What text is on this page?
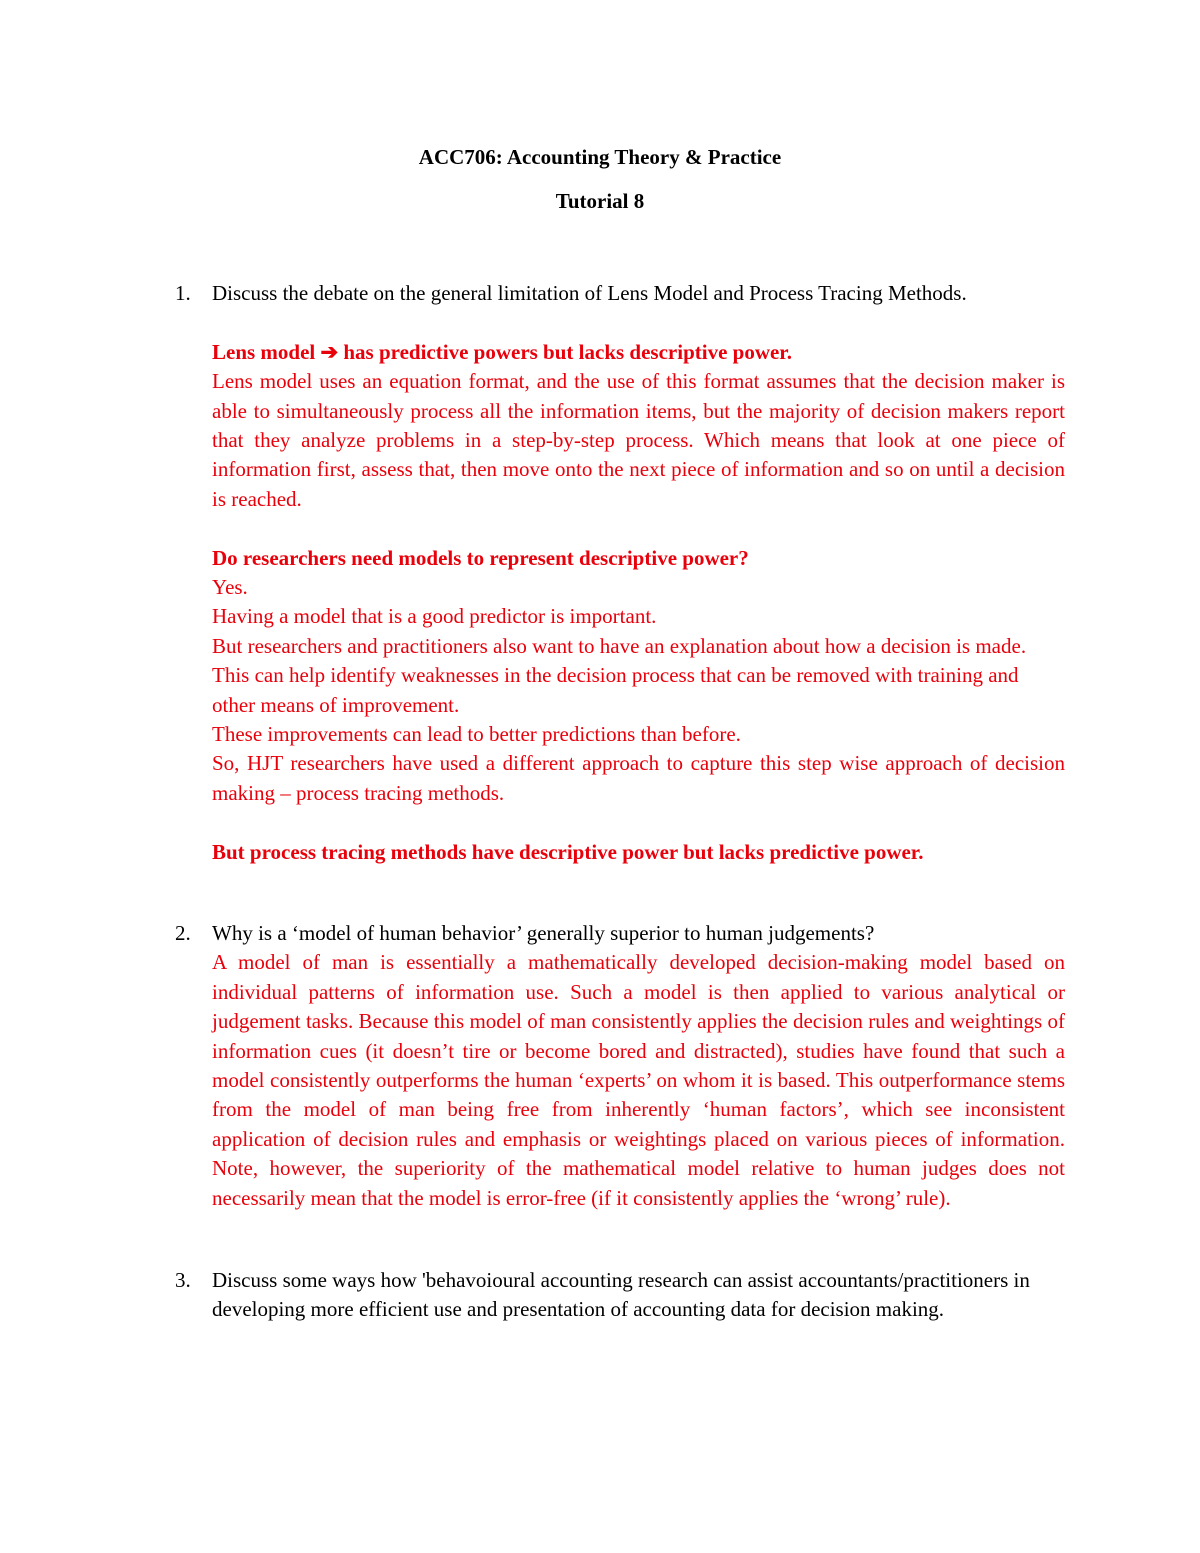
ACC706: Accounting Theory & Practice
Tutorial 8
1. Discuss the debate on the general limitation of Lens Model and Process Tracing Methods.

Lens model ➔ has predictive powers but lacks descriptive power.

Lens model uses an equation format, and the use of this format assumes that the decision maker is able to simultaneously process all the information items, but the majority of decision makers report that they analyze problems in a step-by-step process. Which means that look at one piece of information first, assess that, then move onto the next piece of information and so on until a decision is reached.

Do researchers need models to represent descriptive power?

Yes.

Having a model that is a good predictor is important.

But researchers and practitioners also want to have an explanation about how a decision is made.

This can help identify weaknesses in the decision process that can be removed with training and other means of improvement.

These improvements can lead to better predictions than before.

So, HJT researchers have used a different approach to capture this step wise approach of decision making – process tracing methods.

But process tracing methods have descriptive power but lacks predictive power.

2. Why is a ‘model of human behavior’ generally superior to human judgements?

A model of man is essentially a mathematically developed decision-making model based on individual patterns of information use. Such a model is then applied to various analytical or judgement tasks. Because this model of man consistently applies the decision rules and weightings of information cues (it doesn’t tire or become bored and distracted), studies have found that such a model consistently outperforms the human ‘experts’ on whom it is based. This outperformance stems from the model of man being free from inherently ‘human factors’, which see inconsistent application of decision rules and emphasis or weightings placed on various pieces of information. Note, however, the superiority of the mathematical model relative to human judges does not necessarily mean that the model is error-free (if it consistently applies the ‘wrong’ rule).

3. Discuss some ways how 'behavoioural accounting research can assist accountants/practitioners in developing more efficient use and presentation of accounting data for decision making.
